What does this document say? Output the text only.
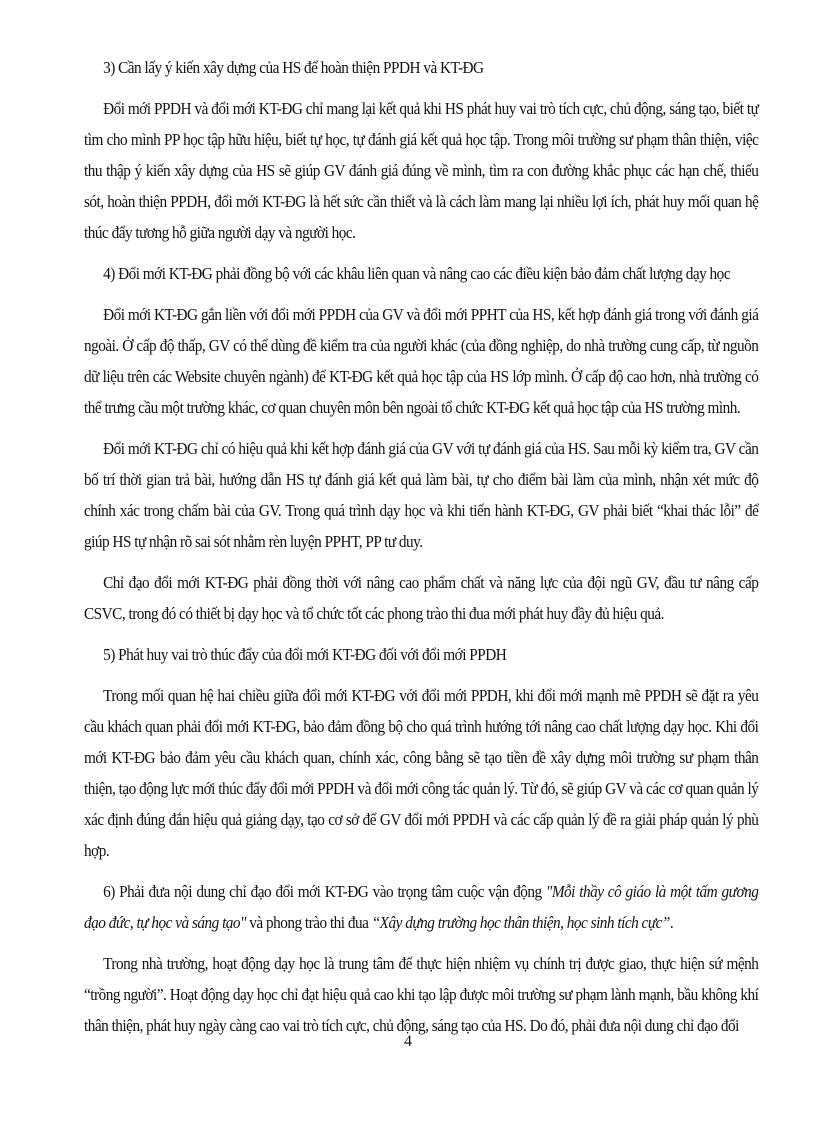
3) Cần lấy ý kiến xây dựng của HS để hoàn thiện PPDH và KT-ĐG

Đổi mới PPDH và đổi mới KT-ĐG chỉ mang lại kết quả khi HS phát huy vai trò tích cực, chủ động, sáng tạo, biết tự tìm cho mình PP học tập hữu hiệu, biết tự học, tự đánh giá kết quả học tập. Trong môi trường sư phạm thân thiện, việc thu thập ý kiến xây dựng của HS sẽ giúp GV đánh giá đúng về mình, tìm ra con đường khắc phục các hạn chế, thiếu sót, hoàn thiện PPDH, đổi mới KT-ĐG là hết sức cần thiết và là cách làm mang lại nhiều lợi ích, phát huy mối quan hệ thúc đẩy tương hỗ giữa người dạy và người học.

4) Đổi mới KT-ĐG phải đồng bộ với các khâu liên quan và nâng cao các điều kiện bảo đảm chất lượng dạy học

Đổi mới KT-ĐG gắn liền với đổi mới PPDH của GV và đổi mới PPHT của HS, kết hợp đánh giá trong với đánh giá ngoài. Ở cấp độ thấp, GV có thể dùng đề kiểm tra của người khác (của đồng nghiệp, do nhà trường cung cấp, từ nguồn dữ liệu trên các Website chuyên ngành) để KT-ĐG kết quả học tập của HS lớp mình. Ở cấp độ cao hơn, nhà trường có thể trưng cầu một trường khác, cơ quan chuyên môn bên ngoài tổ chức KT-ĐG kết quả học tập của HS trường mình.

Đổi mới KT-ĐG chỉ có hiệu quả khi kết hợp đánh giá của GV với tự đánh giá của HS. Sau mỗi kỳ kiểm tra, GV cần bố trí thời gian trả bài, hướng dẫn HS tự đánh giá kết quả làm bài, tự cho điểm bài làm của mình, nhận xét mức độ chính xác trong chấm bài của GV. Trong quá trình dạy học và khi tiến hành KT-ĐG, GV phải biết “khai thác lỗi” để giúp HS tự nhận rõ sai sót nhằm rèn luyện PPHT, PP tư duy.

Chỉ đạo đổi mới KT-ĐG phải đồng thời với nâng cao phẩm chất và năng lực của đội ngũ GV, đầu tư nâng cấp CSVC, trong đó có thiết bị dạy học và tổ chức tốt các phong trào thi đua mới phát huy đầy đủ hiệu quả.

5) Phát huy vai trò thúc đẩy của đổi mới KT-ĐG đối với đổi mới PPDH

Trong mối quan hệ hai chiều giữa đổi mới KT-ĐG với đổi mới PPDH, khi đổi mới mạnh mẽ PPDH sẽ đặt ra yêu cầu khách quan phải đổi mới KT-ĐG, bảo đảm đồng bộ cho quá trình hướng tới nâng cao chất lượng dạy học. Khi đổi mới KT-ĐG bảo đảm yêu cầu khách quan, chính xác, công bằng sẽ tạo tiền đề xây dựng môi trường sư phạm thân thiện, tạo động lực mới thúc đẩy đổi mới PPDH và đổi mới công tác quản lý. Từ đó, sẽ giúp GV và các cơ quan quản lý xác định đúng đắn hiệu quả giảng dạy, tạo cơ sở để GV đổi mới PPDH và các cấp quản lý đề ra giải pháp quản lý phù hợp.

6) Phải đưa nội dung chỉ đạo đổi mới KT-ĐG vào trọng tâm cuộc vận động "Mỗi thầy cô giáo là một tấm gương đạo đức, tự học và sáng tạo" và phong trào thi đua “Xây dựng trường học thân thiện, học sinh tích cực”.

Trong nhà trường, hoạt động dạy học là trung tâm để thực hiện nhiệm vụ chính trị được giao, thực hiện sứ mệnh “trồng người”. Hoạt động dạy học chỉ đạt hiệu quả cao khi tạo lập được môi trường sư phạm lành mạnh, bầu không khí thân thiện, phát huy ngày càng cao vai trò tích cực, chủ động, sáng tạo của HS. Do đó, phải đưa nội dung chỉ đạo đổi

4
